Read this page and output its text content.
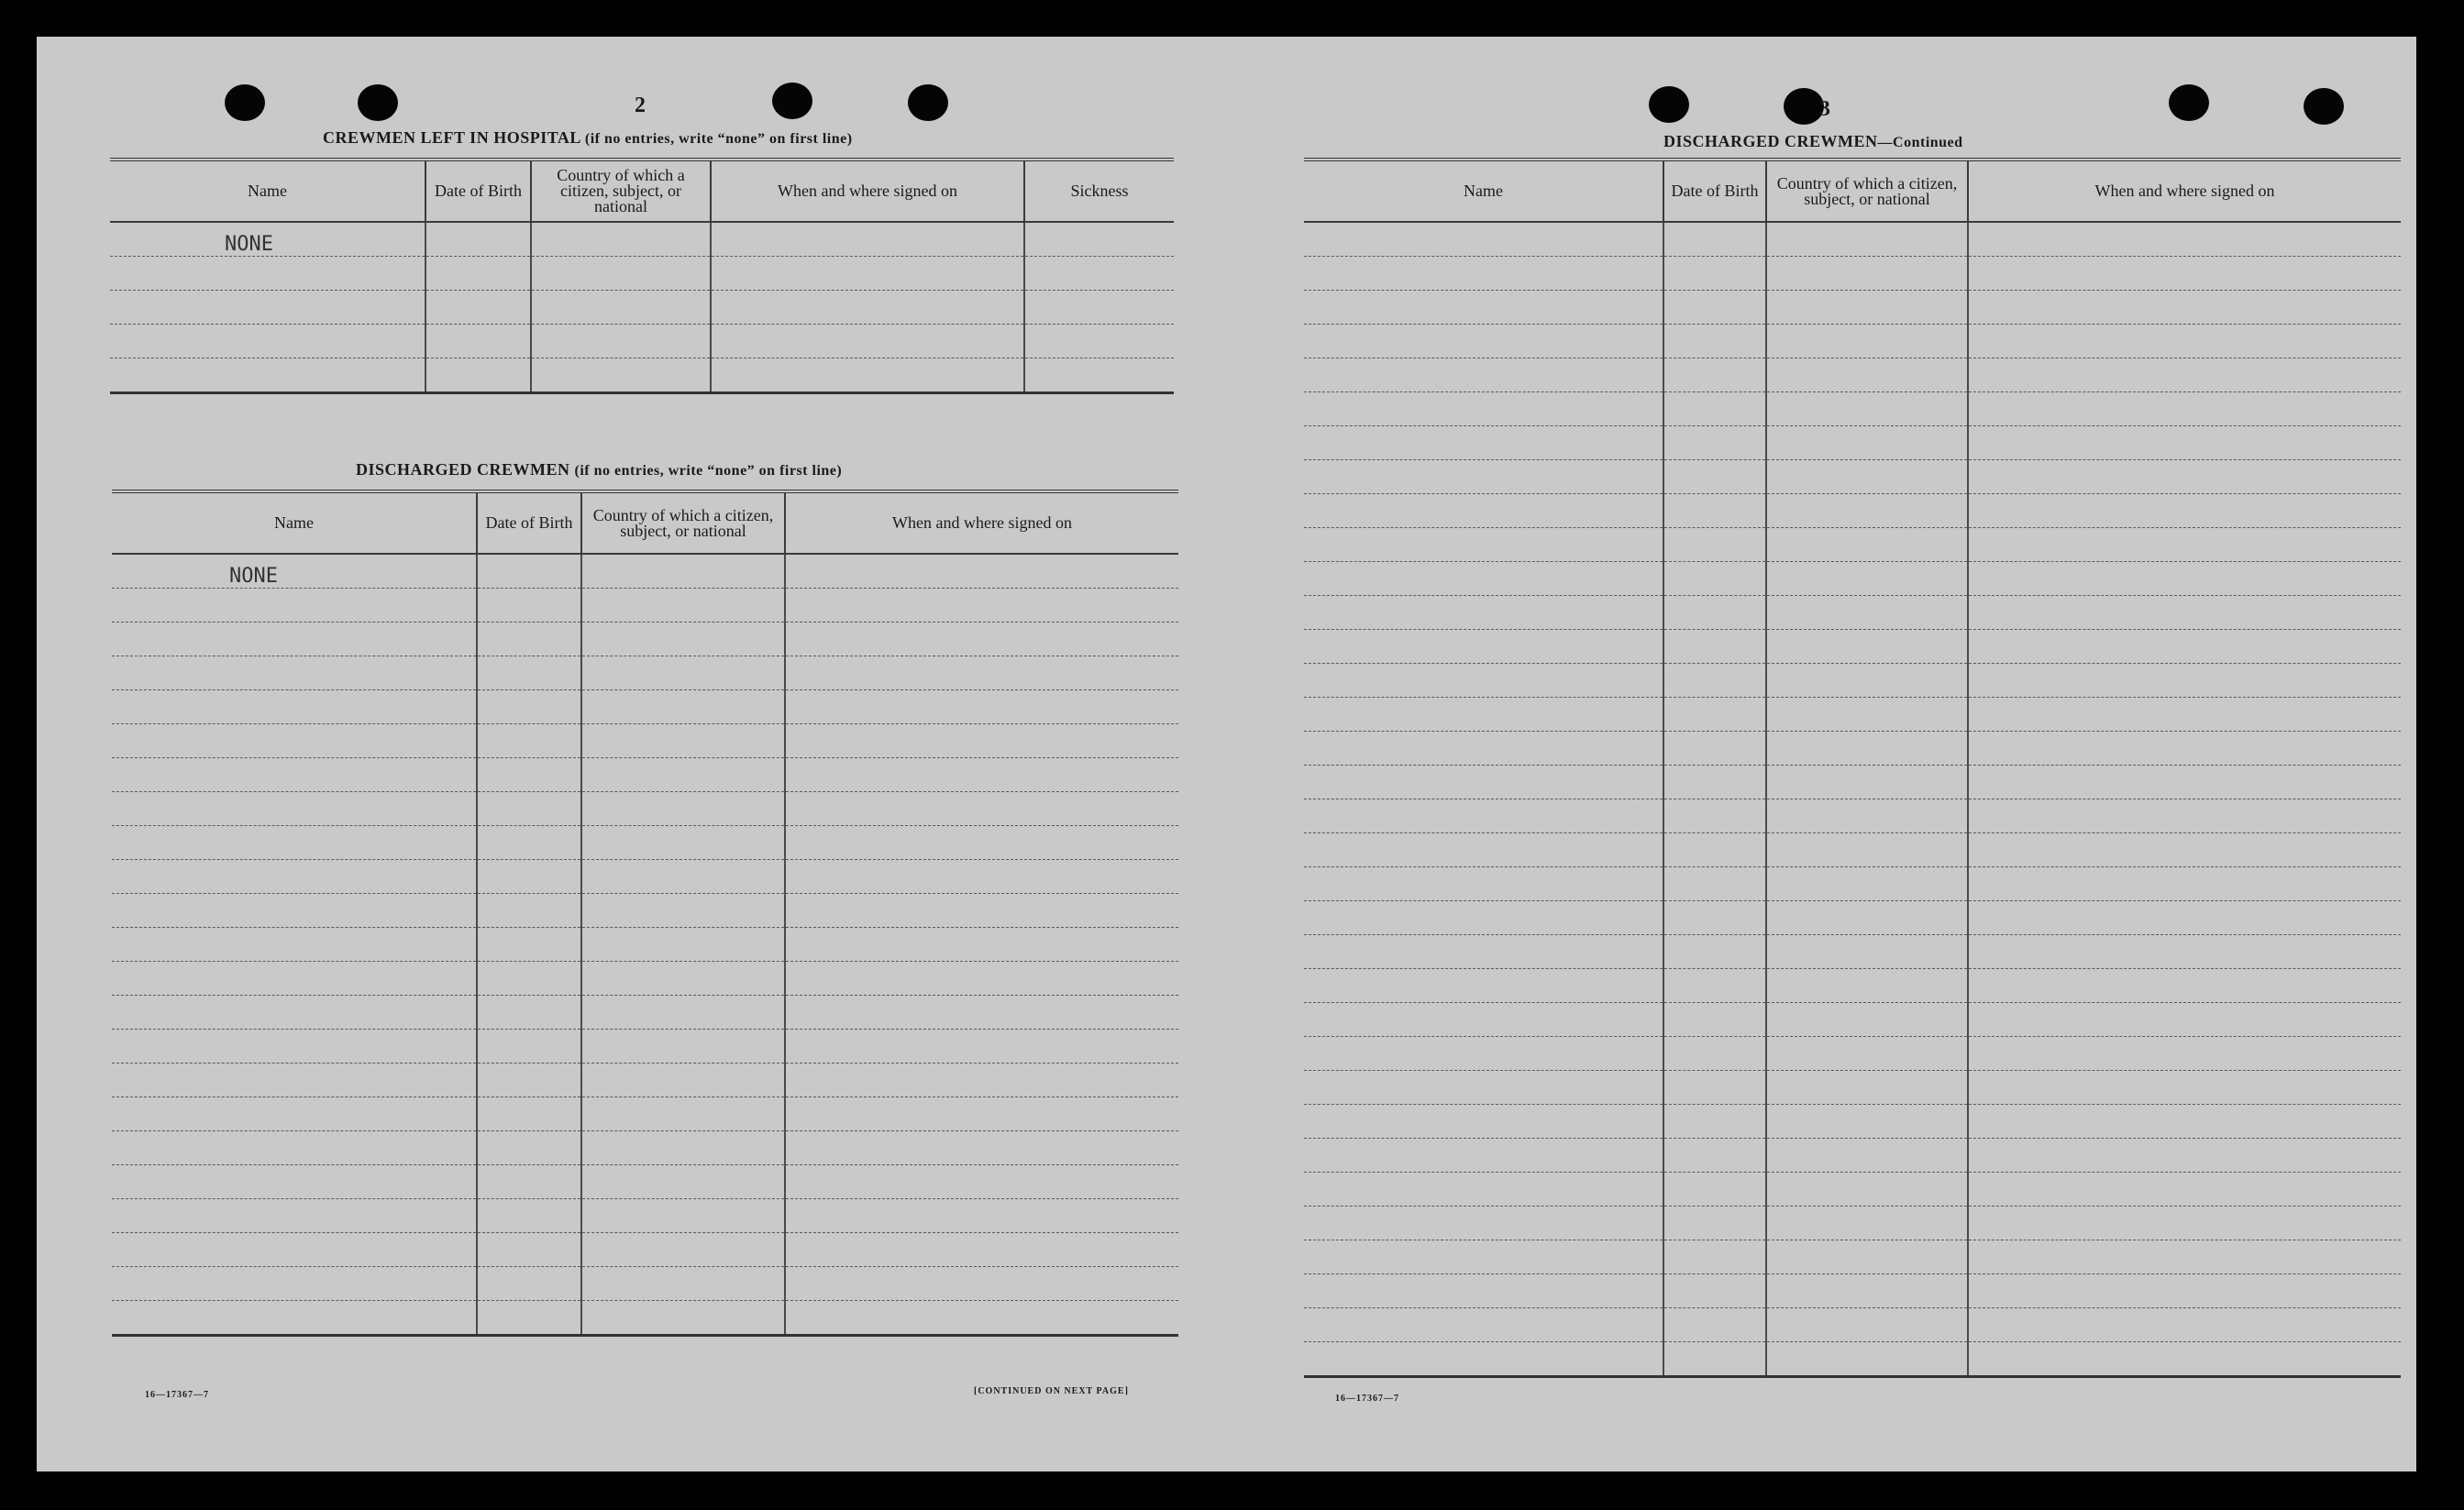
2
CREWMEN LEFT IN HOSPITAL (if no entries, write “none” on first line)
Name	Date of Birth	Country of which a citizen, subject, or national	When and where signed on	Sickness
NONE				

DISCHARGED CREWMEN (if no entries, write “none” on first line)
Name	Date of Birth	Country of which a citizen, subject, or national	When and where signed on
NONE			

16—17367—7	[CONTINUED ON NEXT PAGE]
3
DISCHARGED CREWMEN—Continued
Name	Date of Birth	Country of which a citizen, subject, or national	When and where signed on

16—17367—7
